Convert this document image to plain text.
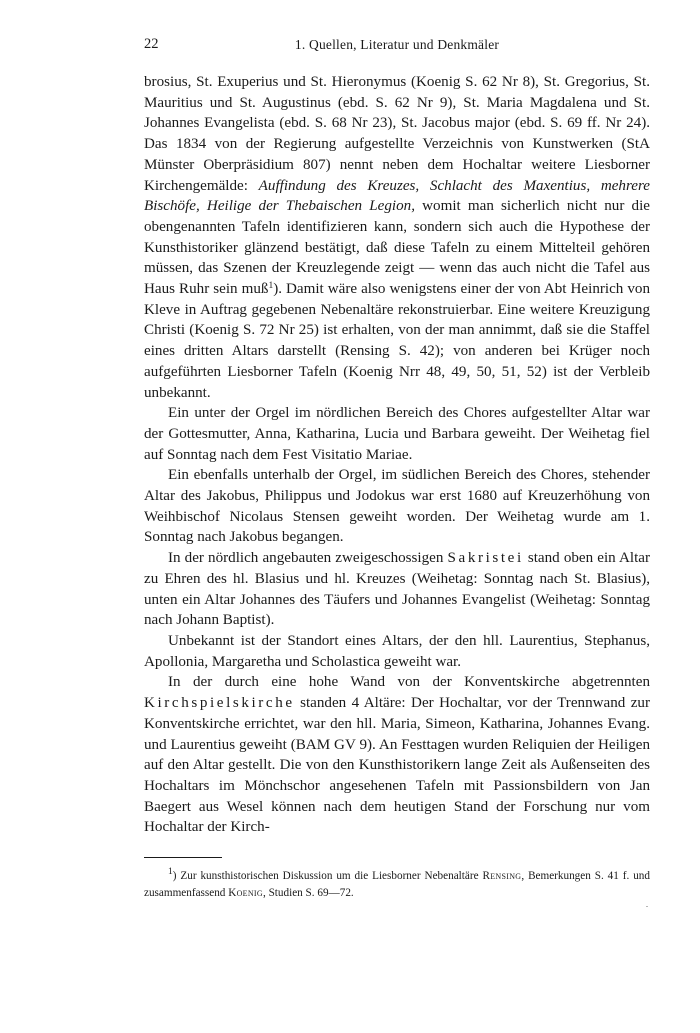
22	1. Quellen, Literatur und Denkmäler

brosius, St. Exuperius und St. Hieronymus (Koenig S. 62 Nr 8), St. Gregorius, St. Mauritius und St. Augustinus (ebd. S. 62 Nr 9), St. Maria Magdalena und St. Johannes Evangelista (ebd. S. 68 Nr 23), St. Jacobus major (ebd. S. 69 ff. Nr 24). Das 1834 von der Regierung aufgestellte Verzeichnis von Kunstwerken (StA Münster Oberpräsidium 807) nennt neben dem Hochaltar weitere Liesborner Kirchengemälde: Auffindung des Kreuzes, Schlacht des Maxentius, mehrere Bischöfe, Heilige der Thebaischen Legion, womit man sicherlich nicht nur die obengenannten Tafeln identifizieren kann, sondern sich auch die Hypothese der Kunsthistoriker glänzend bestätigt, daß diese Tafeln zu einem Mittelteil gehören müssen, das Szenen der Kreuzlegende zeigt — wenn das auch nicht die Tafel aus Haus Ruhr sein muß$^1$). Damit wäre also wenigstens einer der von Abt Heinrich von Kleve in Auftrag gegebenen Nebenaltäre rekonstruierbar. Eine weitere Kreuzigung Christi (Koenig S. 72 Nr 25) ist erhalten, von der man annimmt, daß sie die Staffel eines dritten Altars darstellt (Rensing S. 42); von anderen bei Krüger noch aufgeführten Liesborner Tafeln (Koenig Nrr 48, 49, 50, 51, 52) ist der Verbleib unbekannt.

Ein unter der Orgel im nördlichen Bereich des Chores aufgestellter Altar war der Gottesmutter, Anna, Katharina, Lucia und Barbara geweiht. Der Weihetag fiel auf Sonntag nach dem Fest Visitatio Mariae.

Ein ebenfalls unterhalb der Orgel, im südlichen Bereich des Chores, stehender Altar des Jakobus, Philippus und Jodokus war erst 1680 auf Kreuzerhöhung von Weihbischof Nicolaus Stensen geweiht worden. Der Weihetag wurde am 1. Sonntag nach Jakobus begangen.

In der nördlich angebauten zweigeschossigen Sakristei stand oben ein Altar zu Ehren des hl. Blasius und hl. Kreuzes (Weihetag: Sonntag nach St. Blasius), unten ein Altar Johannes des Täufers und Johannes Evangelist (Weihetag: Sonntag nach Johann Baptist).

Unbekannt ist der Standort eines Altars, der den hll. Laurentius, Stephanus, Apollonia, Margaretha und Scholastica geweiht war.

In der durch eine hohe Wand von der Konventskirche abgetrennten Kirchspielskirche standen 4 Altäre: Der Hochaltar, vor der Trennwand zur Konventskirche errichtet, war den hll. Maria, Simeon, Katharina, Johannes Evang. und Laurentius geweiht (BAM GV 9). An Festtagen wurden Reliquien der Heiligen auf den Altar gestellt. Die von den Kunsthistorikern lange Zeit als Außenseiten des Hochaltars im Mönchschor angesehenen Tafeln mit Passionsbildern von Jan Baegert aus Wesel können nach dem heutigen Stand der Forschung nur vom Hochaltar der Kirch-

$^1$) Zur kunsthistorischen Diskussion um die Liesborner Nebenaltäre Rensing, Bemerkungen S. 41 f. und zusammenfassend Koenig, Studien S. 69—72.
